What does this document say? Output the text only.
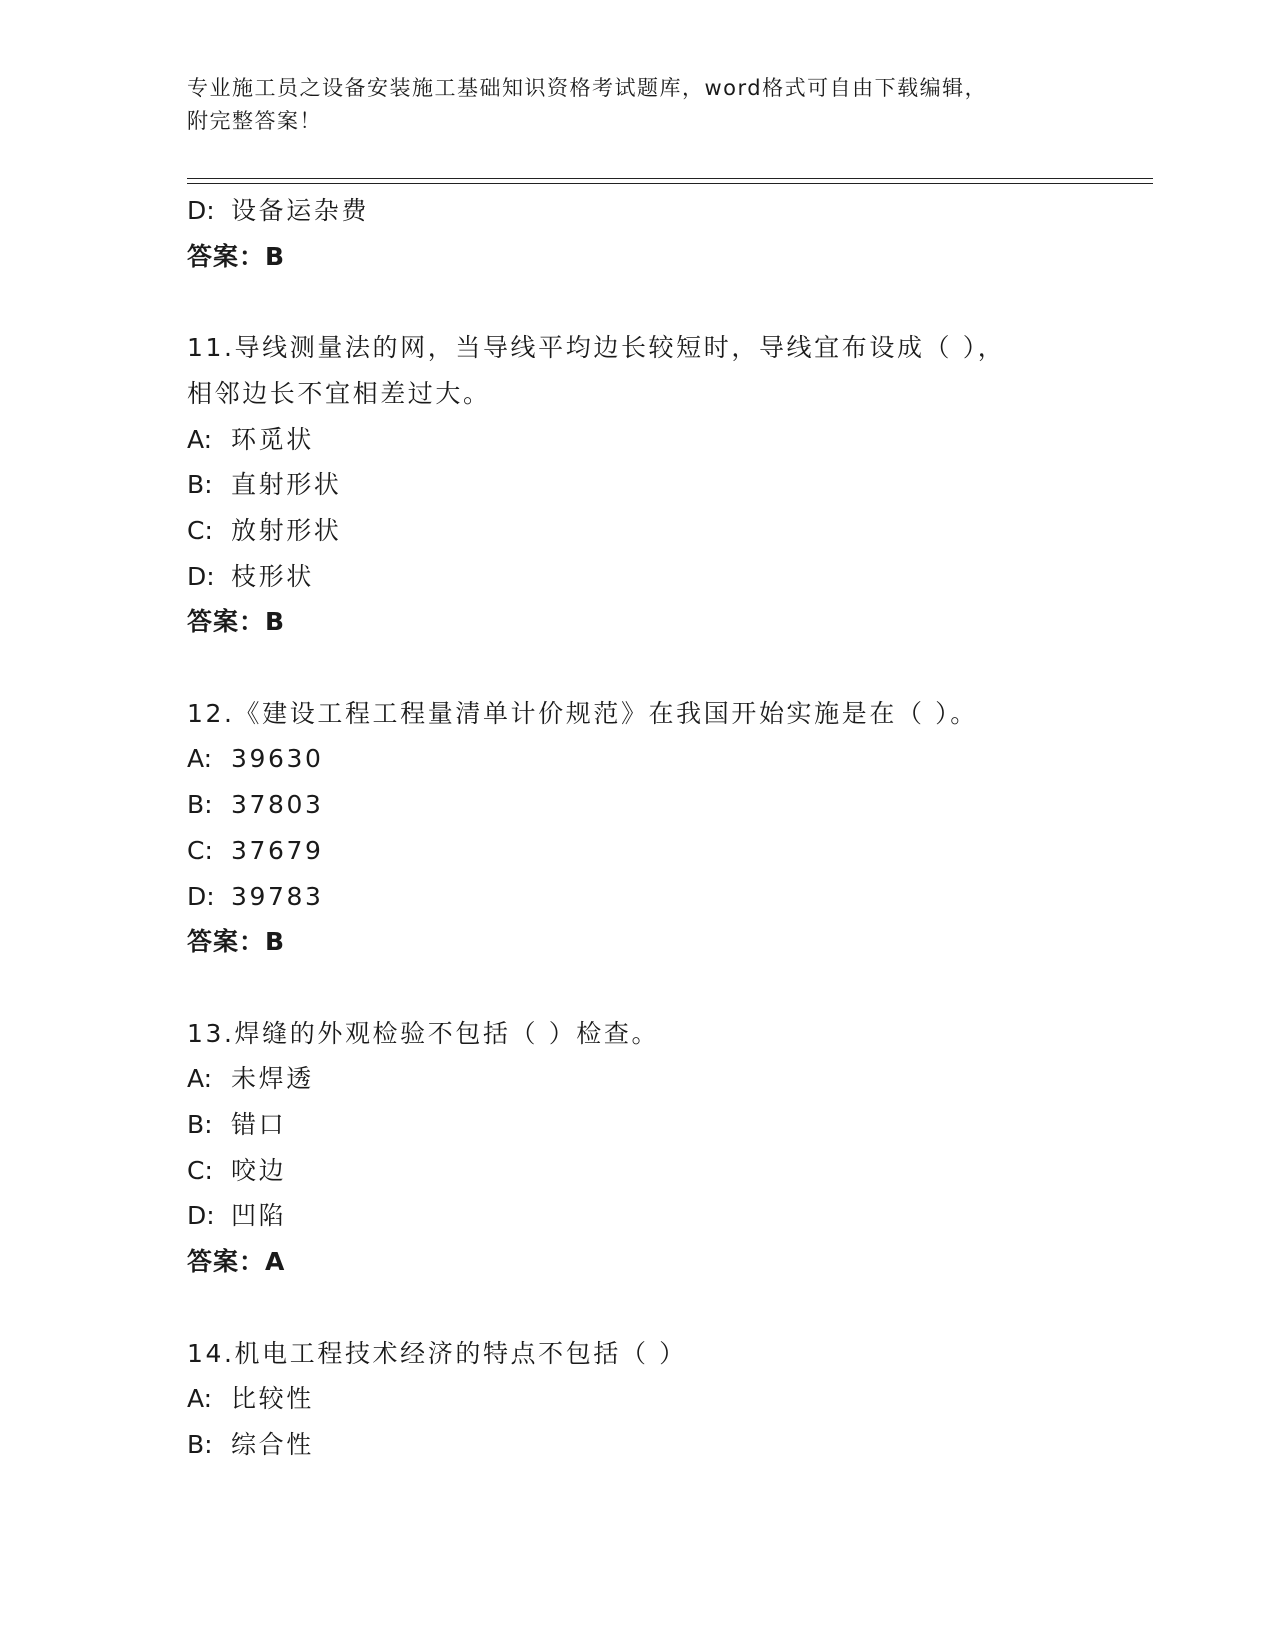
专业施工员之设备安装施工基础知识资格考试题库，word格式可自由下载编辑，
附完整答案！
D: 设备运杂费
答案：B
11.导线测量法的网，当导线平均边长较短时，导线宜布设成（ ），
相邻边长不宜相差过大。
A: 环觅状
B: 直射形状
C: 放射形状
D: 枝形状
答案：B
12.《建设工程工程量清单计价规范》在我国开始实施是在（ ）。
A: 39630
B: 37803
C: 37679
D: 39783
答案：B
13.焊缝的外观检验不包括（ ）检查。
A: 未焊透
B: 错口
C: 咬边
D: 凹陷
答案：A
14.机电工程技术经济的特点不包括（ ）
A: 比较性
B: 综合性
